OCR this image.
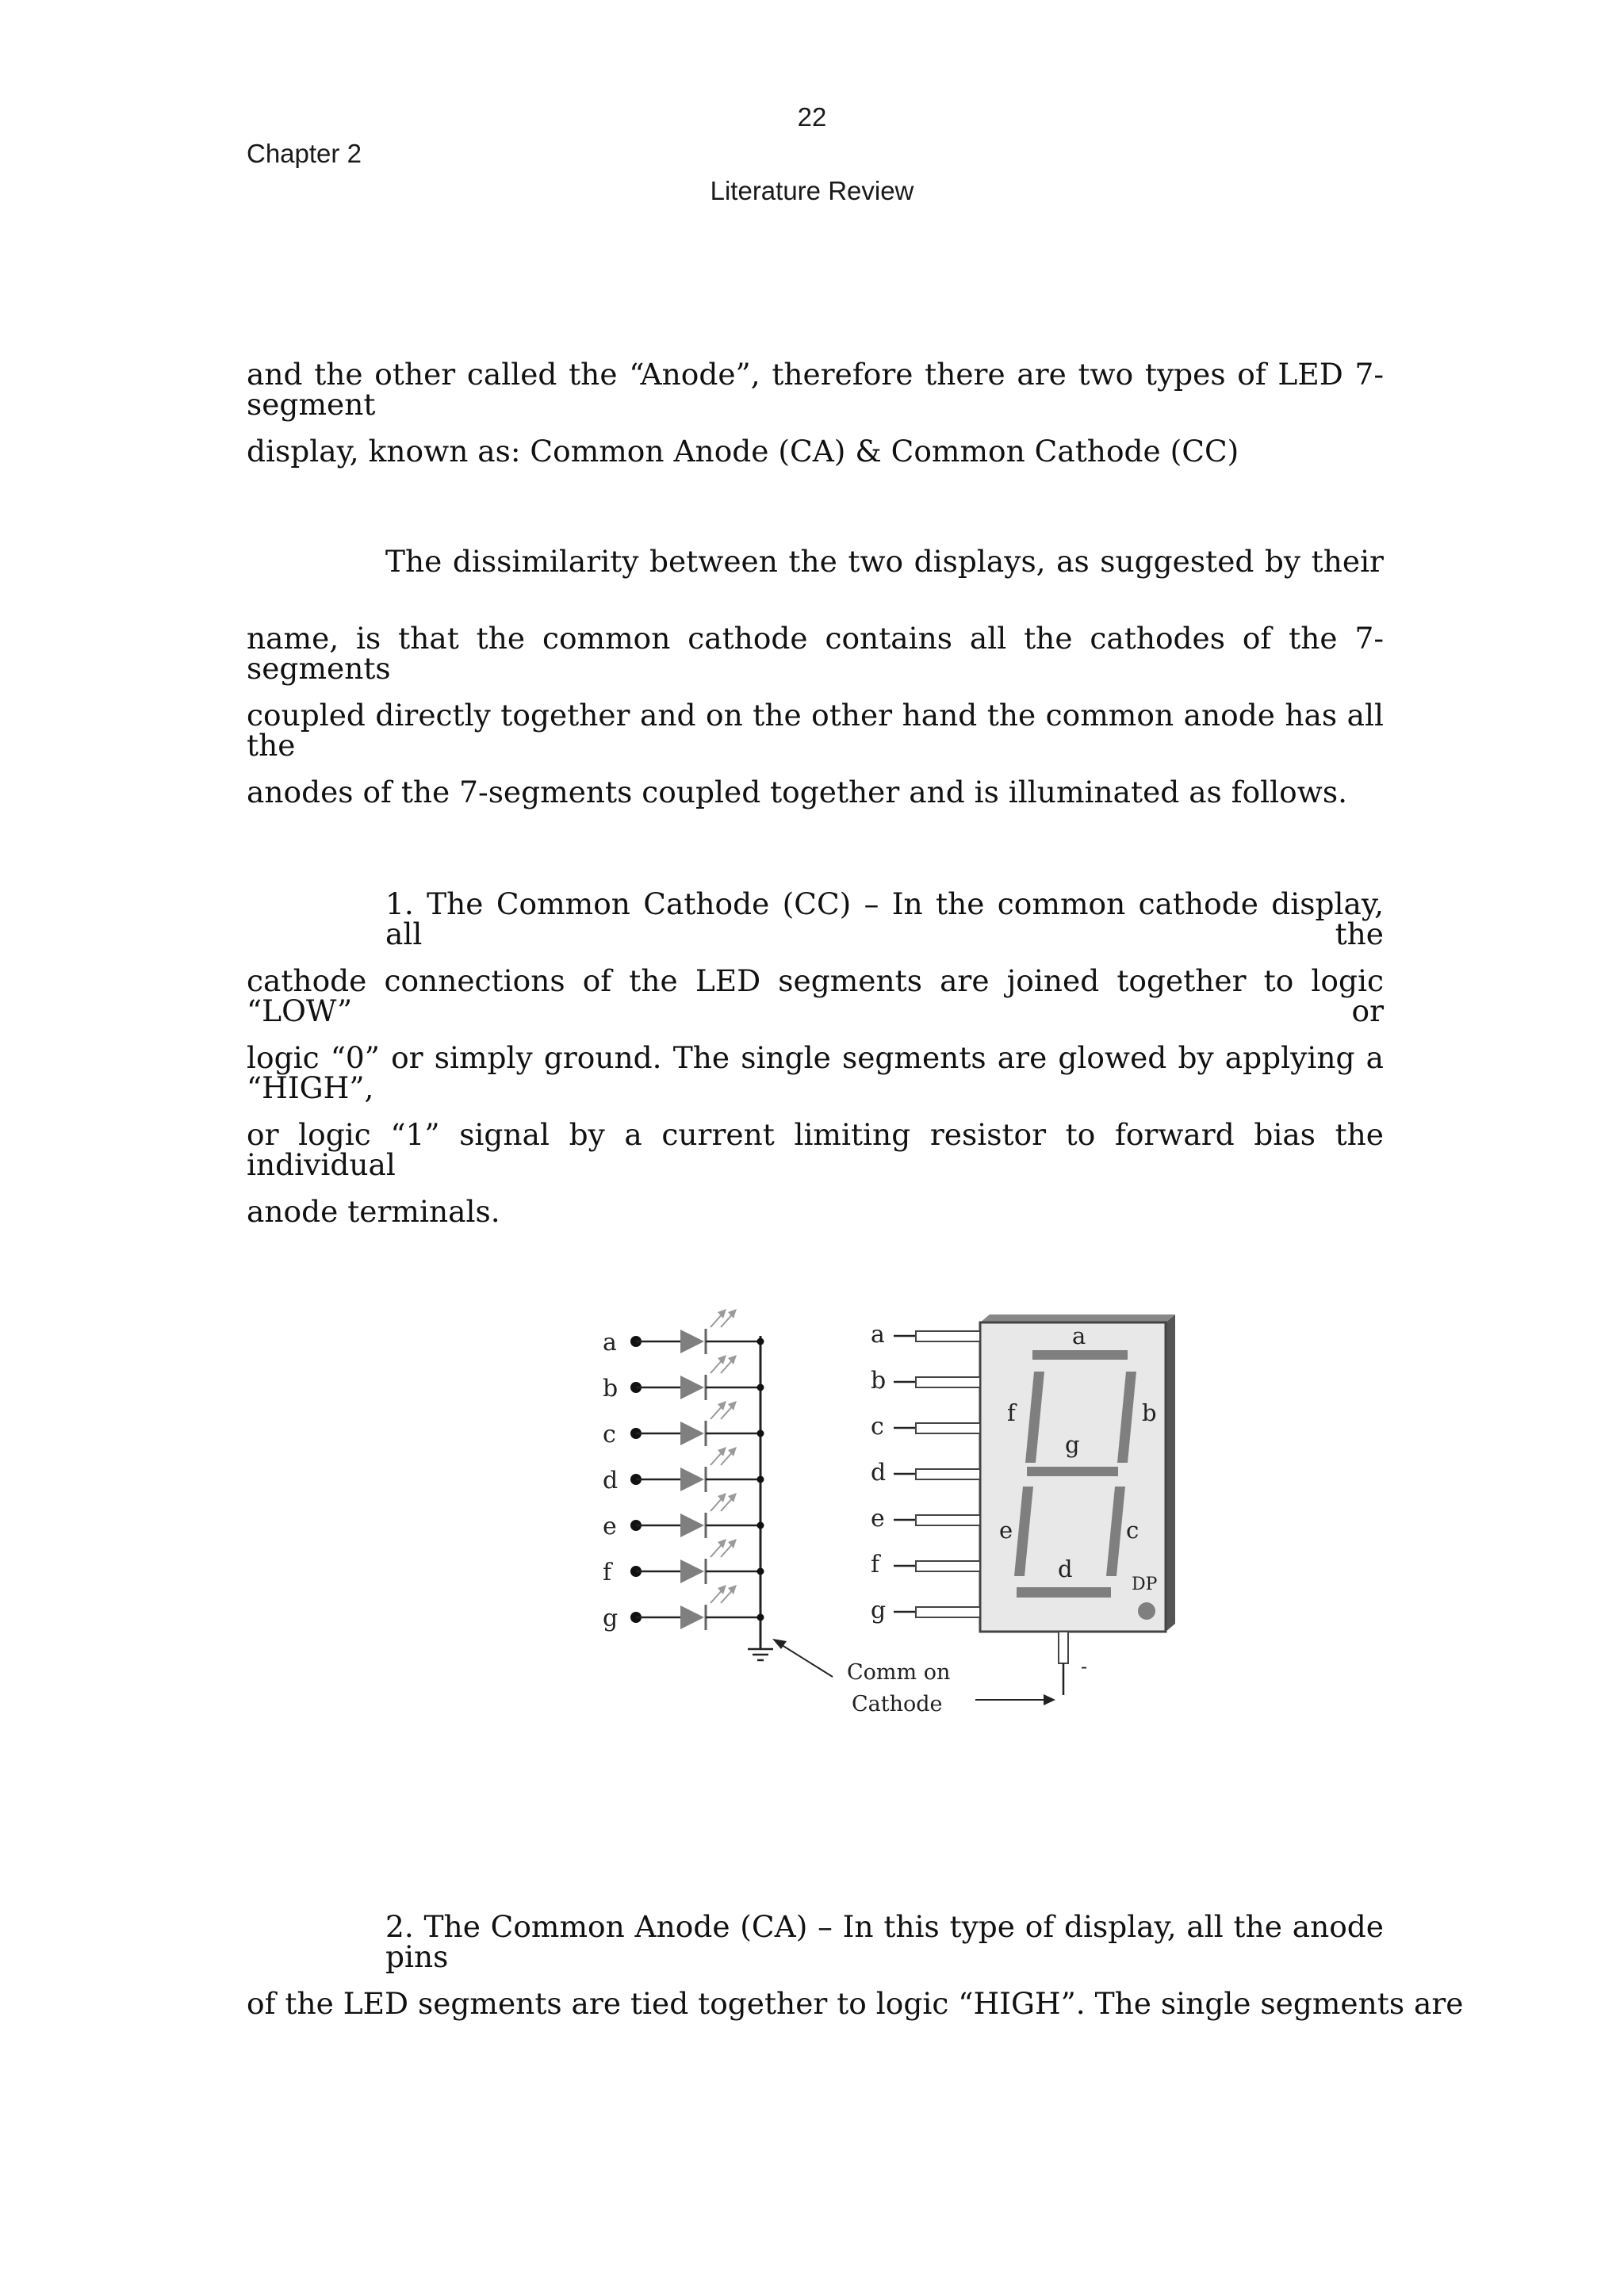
22
Chapter 2
Literature Review
and the other called the “Anode”, therefore there are two types of LED 7-segment
display, known as: Common Anode (CA) & Common Cathode (CC)
The dissimilarity between the two displays, as suggested by their
name, is that the common cathode contains all the cathodes of the 7-segments
coupled directly together and on the other hand the common anode has all the
anodes of the 7-segments coupled together and is illuminated as follows.
1. The Common Cathode (CC) – In the common cathode display, all the
cathode connections of the LED segments are joined together to logic “LOW” or
logic “0” or simply ground. The single segments are glowed by applying a “HIGH”,
or logic “1” signal by a current limiting resistor to forward bias the individual
anode terminals.
a
b
c
d
e
f
g
a
b
c
d
e
f
g
a
b
f
g
e	c
d
DP
-
Comm on
Cathode
2. The Common Anode (CA) – In this type of display, all the anode pins
of the LED segments are tied together to logic “HIGH”. The single segments are
